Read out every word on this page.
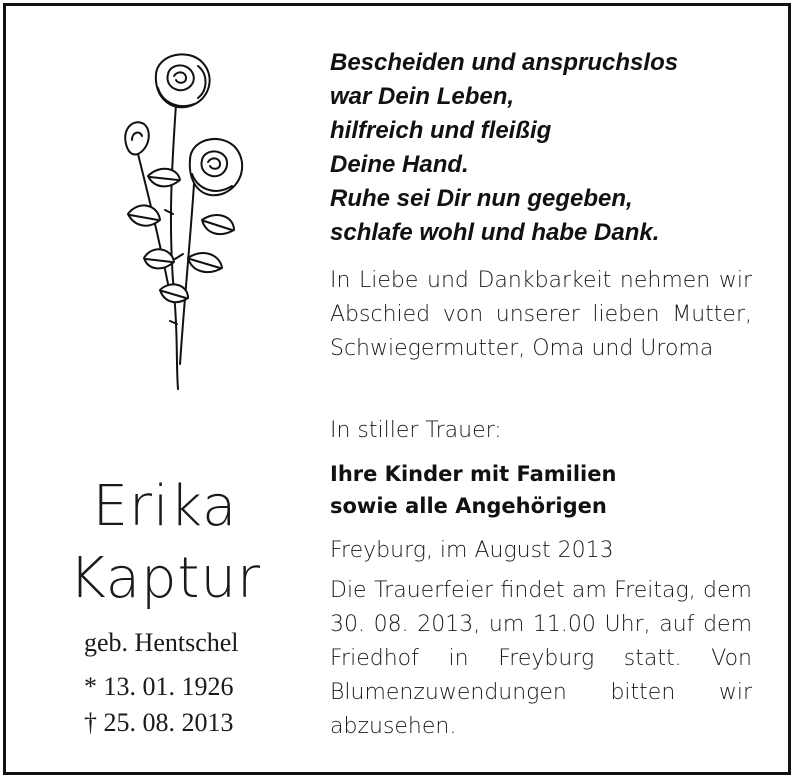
Erika
Kaptur
geb. Hentschel
* 13. 01. 1926
† 25. 08. 2013

Bescheiden und anspruchslos
war Dein Leben,
hilfreich und fleißig
Deine Hand.
Ruhe sei Dir nun gegeben,
schlafe wohl und habe Dank.

In Liebe und Dankbarkeit nehmen wir Abschied von unserer lieben Mutter, Schwiegermutter, Oma und Uroma
In stiller Trauer:
Ihre Kinder mit Familien
sowie alle Angehörigen
Freyburg, im August 2013
Die Trauerfeier findet am Freitag, dem 30. 08. 2013, um 11.00 Uhr, auf dem Friedhof in Freyburg statt. Von Blumenzuwendungen bitten wir abzusehen.
